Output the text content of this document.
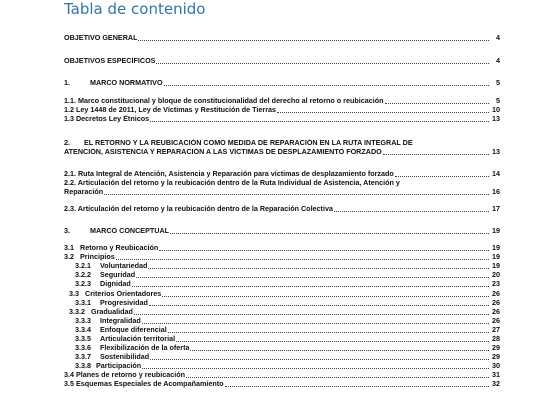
Tabla de contenido
OBJETIVO GENERAL	4
OBJETIVOS ESPECÍFICOS	4
1.	MARCO NORMATIVO	5
1.1. Marco constitucional y bloque de constitucionalidad del derecho al retorno o reubicación	5
1.2 Ley 1448 de 2011, Ley de Víctimas y Restitución de Tierras	10
1.3 Decretos Ley Étnicos	13
2.	EL RETORNO Y LA REUBICACIÓN COMO MEDIDA DE REPARACIÓN EN LA RUTA INTEGRAL DE
ATENCIÓN, ASISTENCIA Y REPARACIÓN A LAS VÍCTIMAS DE DESPLAZAMIENTO FORZADO	13
2.1. Ruta Integral de Atención, Asistencia y Reparación para víctimas de desplazamiento forzado	14
2.2. Articulación del retorno y la reubicación dentro de la Ruta Individual de Asistencia, Atención y
Reparación	16
2.3. Articulación del retorno y la reubicación dentro de la Reparación Colectiva	17
3.	MARCO CONCEPTUAL	19
3.1 Retorno y Reubicación	19
3.2 Principios	19
3.2.1	Voluntariedad	19
3.2.2	Seguridad	20
3.2.3	Dignidad	23
3.3 Criterios Orientadores	26
3.3.1	Progresividad	26
3.3.2 Gradualidad	26
3.3.3	Integralidad	26
3.3.4	Enfoque diferencial	27
3.3.5	Articulación territorial	28
3.3.6	Flexibilización de la oferta	29
3.3.7	Sostenibilidad	29
3.3.8 Participación	30
3.4 Planes de retorno y reubicación	31
3.5 Esquemas Especiales de Acompañamiento	32
